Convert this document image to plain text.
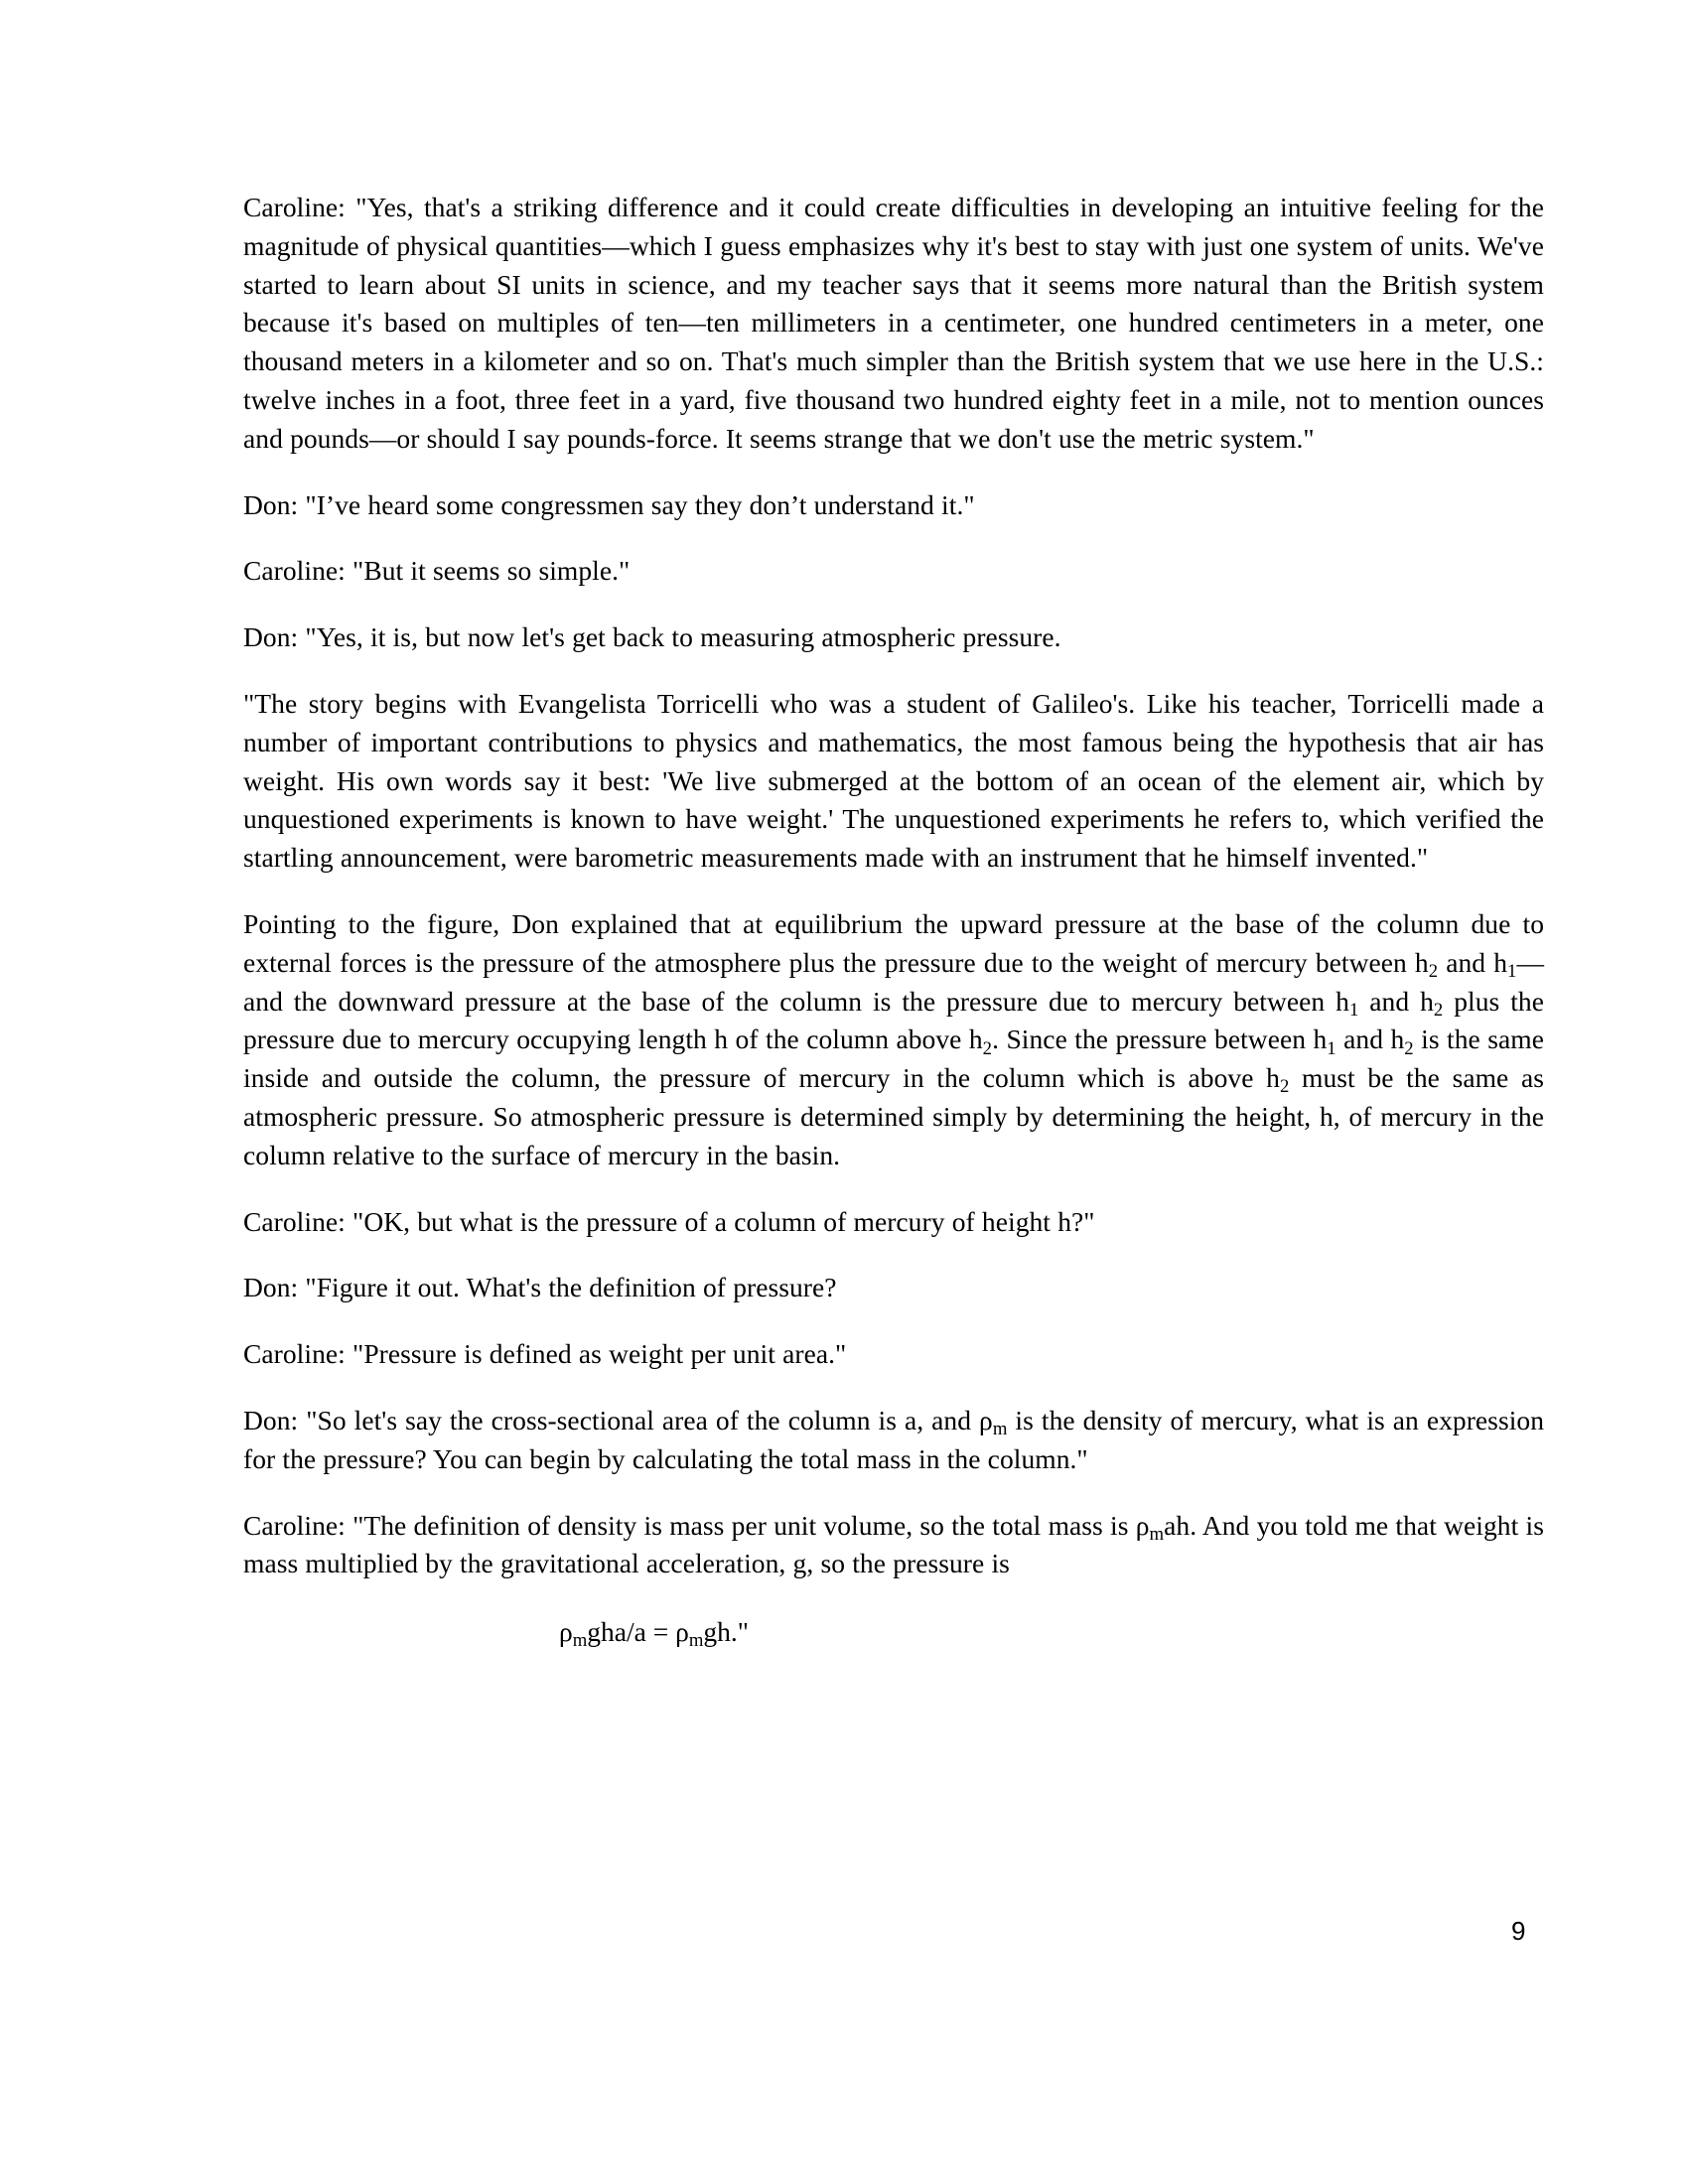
Caroline: "Yes, that's a striking difference and it could create difficulties in developing an intuitive feeling for the magnitude of physical quantities—which I guess emphasizes why it's best to stay with just one system of units. We've started to learn about SI units in science, and my teacher says that it seems more natural than the British system because it's based on multiples of ten—ten millimeters in a centimeter, one hundred centimeters in a meter, one thousand meters in a kilometer and so on. That's much simpler than the British system that we use here in the U.S.: twelve inches in a foot, three feet in a yard, five thousand two hundred eighty feet in a mile, not to mention ounces and pounds—or should I say pounds-force. It seems strange that we don't use the metric system."
Don: "I’ve heard some congressmen say they don’t understand it."
Caroline: "But it seems so simple."
Don: "Yes, it is, but now let's get back to measuring atmospheric pressure.
"The story begins with Evangelista Torricelli who was a student of Galileo's. Like his teacher, Torricelli made a number of important contributions to physics and mathematics, the most famous being the hypothesis that air has weight. His own words say it best: 'We live submerged at the bottom of an ocean of the element air, which by unquestioned experiments is known to have weight.' The unquestioned experiments he refers to, which verified the startling announcement, were barometric measurements made with an instrument that he himself invented."
Pointing to the figure, Don explained that at equilibrium the upward pressure at the base of the column due to external forces is the pressure of the atmosphere plus the pressure due to the weight of mercury between $h_2$ and $h_1—and$ the downward pressure at the base of the column is the pressure due to mercury between $h_1$ and $h_2$ plus the pressure due to mercury occupying length h of the column above $h_2$. Since the pressure between $h_1$ and $h_2$ is the same inside and outside the column, the pressure of mercury in the column which is above $h_2$ must be the same as atmospheric pressure. So atmospheric pressure is determined simply by determining the height, h, of mercury in the column relative to the surface of mercury in the basin.
Caroline: "OK, but what is the pressure of a column of mercury of height h?"
Don: "Figure it out. What's the definition of pressure?
Caroline: "Pressure is defined as weight per unit area."
Don: "So let's say the cross-sectional area of the column is a, and $\rho_m$ is the density of mercury, what is an expression for the pressure? You can begin by calculating the total mass in the column."
Caroline: "The definition of density is mass per unit volume, so the total mass is $\rho_mah$. And you told me that weight is mass multiplied by the gravitational acceleration, g, so the pressure is
$\rho_mgha/a = \rho_mgh$."
9
